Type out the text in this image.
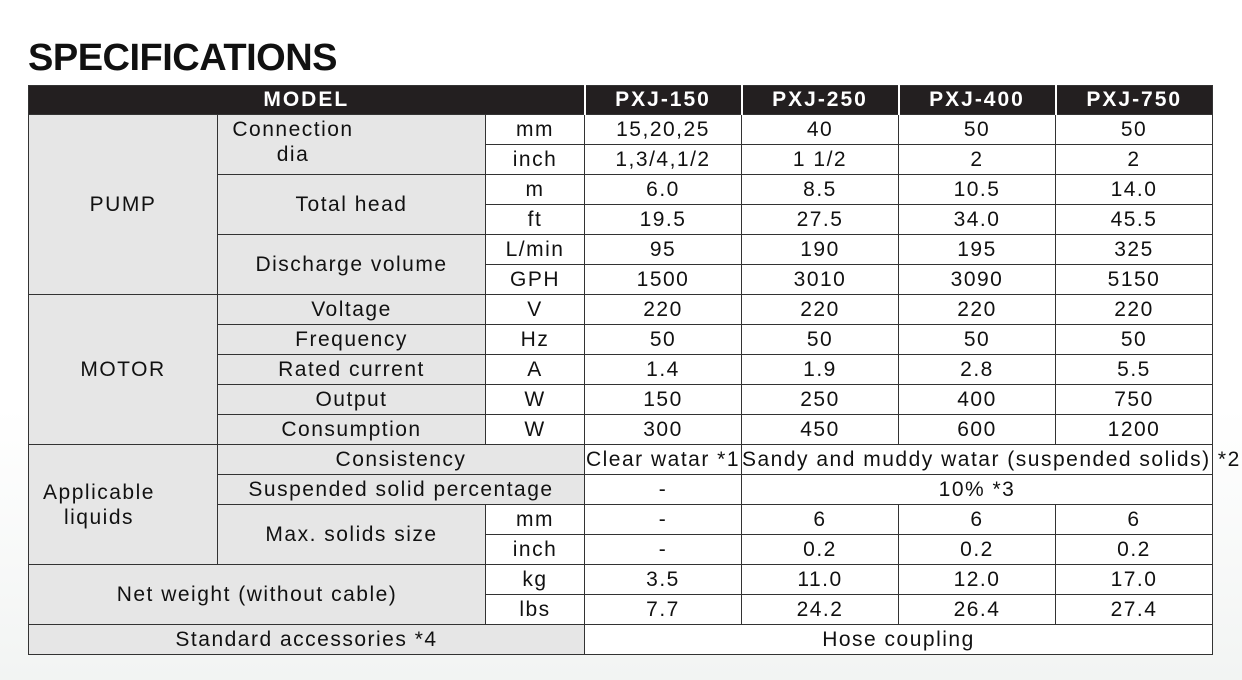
SPECIFICATIONS
MODEL			PXJ-150	PXJ-250	PXJ-400	PXJ-750
PUMP	Connection dia	mm	15,20,25	40	50	50
		inch	1,3/4,1/2	1 1/2	2	2
	Total head	m	6.0	8.5	10.5	14.0
		ft	19.5	27.5	34.0	45.5
	Discharge volume	L/min	95	190	195	325
		GPH	1500	3010	3090	5150
MOTOR	Voltage	V	220	220	220	220
	Frequency	Hz	50	50	50	50
	Rated current	A	1.4	1.9	2.8	5.5
	Output	W	150	250	400	750
	Consumption	W	300	450	600	1200

Applicable liquids	Consistency		Clear watar *1	Sandy and muddy watar (suspended solids) *2		
	Suspended solid percentage		-	10% *3		
	Max. solids size	mm	-	6	6	6
		inch	-	0.2	0.2	0.2
Net weight (without cable)		kg	3.5	11.0	12.0	17.0
		lbs	7.7	24.2	26.4	27.4
Standard accessories *4			Hose coupling			
